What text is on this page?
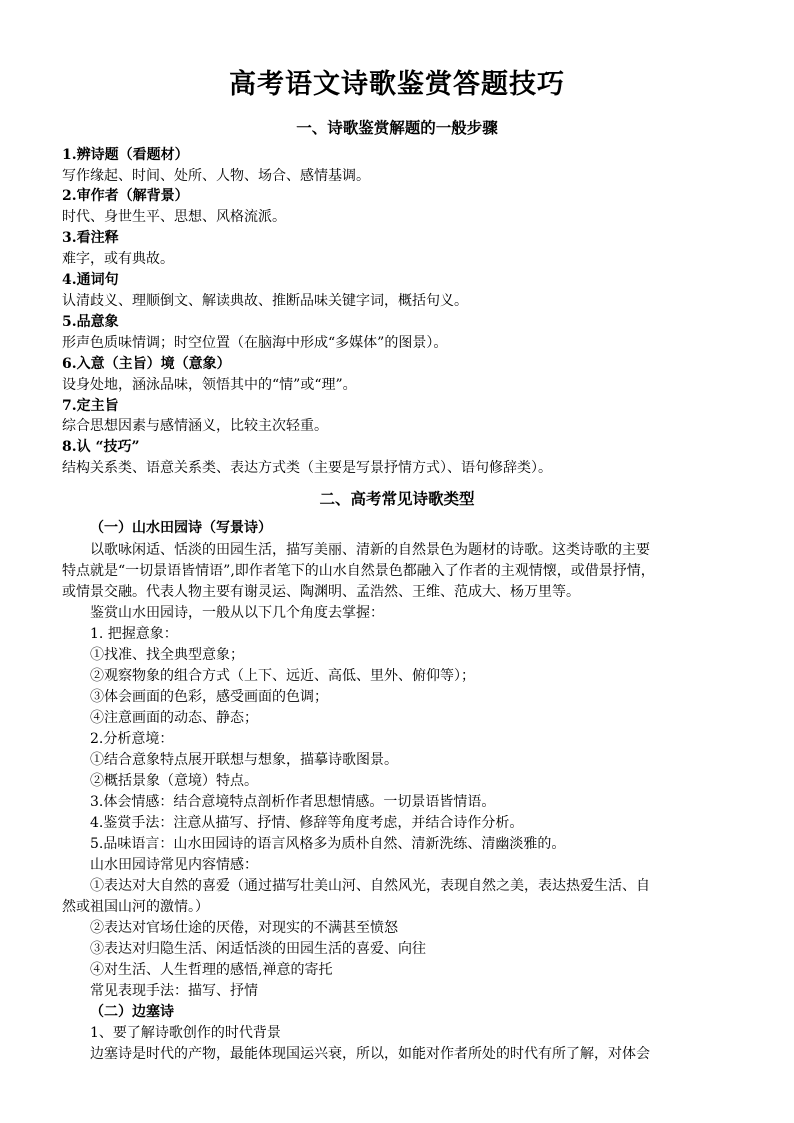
高考语文诗歌鉴赏答题技巧
一、诗歌鉴赏解题的一般步骤
1.辨诗题（看题材）
写作缘起、时间、处所、人物、场合、感情基调。
2.审作者（解背景）
时代、身世生平、思想、风格流派。
3.看注释
难字，或有典故。
4.通词句
认清歧义、理顺倒文、解读典故、推断品味关键字词，概括句义。
5.品意象
形声色质味情调；时空位置（在脑海中形成“多媒体”的图景）。
6.入意（主旨）境（意象）
设身处地，涵泳品味，领悟其中的“情”或“理”。
7.定主旨
综合思想因素与感情涵义，比较主次轻重。
8.认 “技巧”
结构关系类、语意关系类、表达方式类（主要是写景抒情方式）、语句修辞类）。
二、高考常见诗歌类型
（一）山水田园诗（写景诗）
以歌咏闲适、恬淡的田园生活，描写美丽、清新的自然景色为题材的诗歌。这类诗歌的主要
特点就是“一切景语皆情语”,即作者笔下的山水自然景色都融入了作者的主观情懐，或借景抒情，
或情景交融。代表人物主要有谢灵运、陶渊明、孟浩然、王维、范成大、杨万里等。
鉴赏山水田园诗，一般从以下几个角度去掌握：
1. 把握意象：
①找准、找全典型意象；
②观察物象的组合方式（上下、远近、高低、里外、俯仰等）；
③体会画面的色彩，感受画面的色调；
④注意画面的动态、静态；
2.分析意境：
①结合意象特点展开联想与想象，描摹诗歌图景。
②概括景象（意境）特点。
3.体会情感：结合意境特点剖析作者思想情感。一切景语皆情语。
4.鉴赏手法：注意从描写、抒情、修辞等角度考虑，并结合诗作分析。
5.品味语言：山水田园诗的语言风格多为质朴自然、清新洗练、清幽淡雅的。
山水田园诗常见内容情感：
①表达对大自然的喜爱（通过描写壮美山河、自然风光，表现自然之美，表达热爱生活、自
然或祖国山河的激情。）
②表达对官场仕途的厌倦，对现实的不满甚至愤怒
③表达对归隐生活、闲适恬淡的田园生活的喜爱、向往
④对生活、人生哲理的感悟,禅意的寄托
常见表现手法：描写、抒情
（二）边塞诗
1、要了解诗歌创作的时代背景
边塞诗是时代的产物，最能体现国运兴衰，所以，如能对作者所处的时代有所了解，对体会
